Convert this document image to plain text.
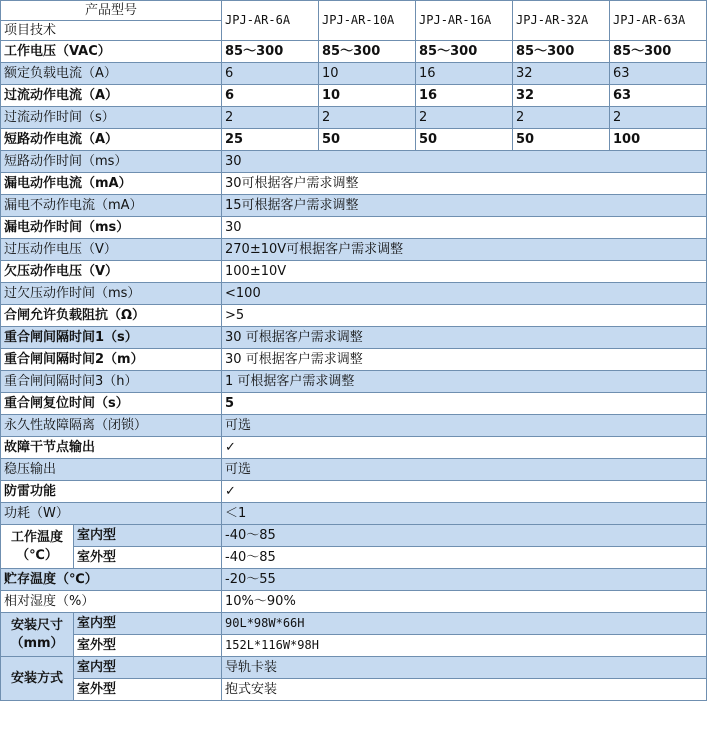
产品型号		JPJ-AR-6A	JPJ-AR-10A	JPJ-AR-16A	JPJ-AR-32A	JPJ-AR-63A
项目技术						
工作电压（VAC）		85～300	85～300	85～300	85～300	85～300
额定负载电流（A）		6	10	16	32	63
过流动作电流（A）		6	10	16	32	63
过流动作时间（s）		2	2	2	2	2
短路动作电流（A）		25	50	50	50	100
短路动作时间（ms）		30				
漏电动作电流（mA）		30可根据客户需求调整				
漏电不动作电流（mA）		15可根据客户需求调整				
漏电动作时间（ms）		30				
过压动作电压（V）		270±10V可根据客户需求调整				
欠压动作电压（V）		100±10V				
过欠压动作时间（ms）		<100				
合闸允许负载阻抗（Ω）		>5				
重合闸间隔时间1（s）		30 可根据客户需求调整				
重合闸间隔时间2（m）		30 可根据客户需求调整				
重合闸间隔时间3（h）		1 可根据客户需求调整				
重合闸复位时间（s）		5				
永久性故障隔离（闭锁）		可选				
故障干节点输出		✓				
稳压输出		可选				
防雷功能		✓				
功耗（W）		＜1				
工作温度
（℃）	室内型	-40～85				
	室外型	-40～85				
贮存温度（℃）		-20～55				
相对湿度（%）		10%～90%				
安装尺寸
（mm）	室内型	90L*98W*66H				
	室外型	152L*116W*98H				
安装方式	室内型	导轨卡装				
	室外型	抱式安装				
